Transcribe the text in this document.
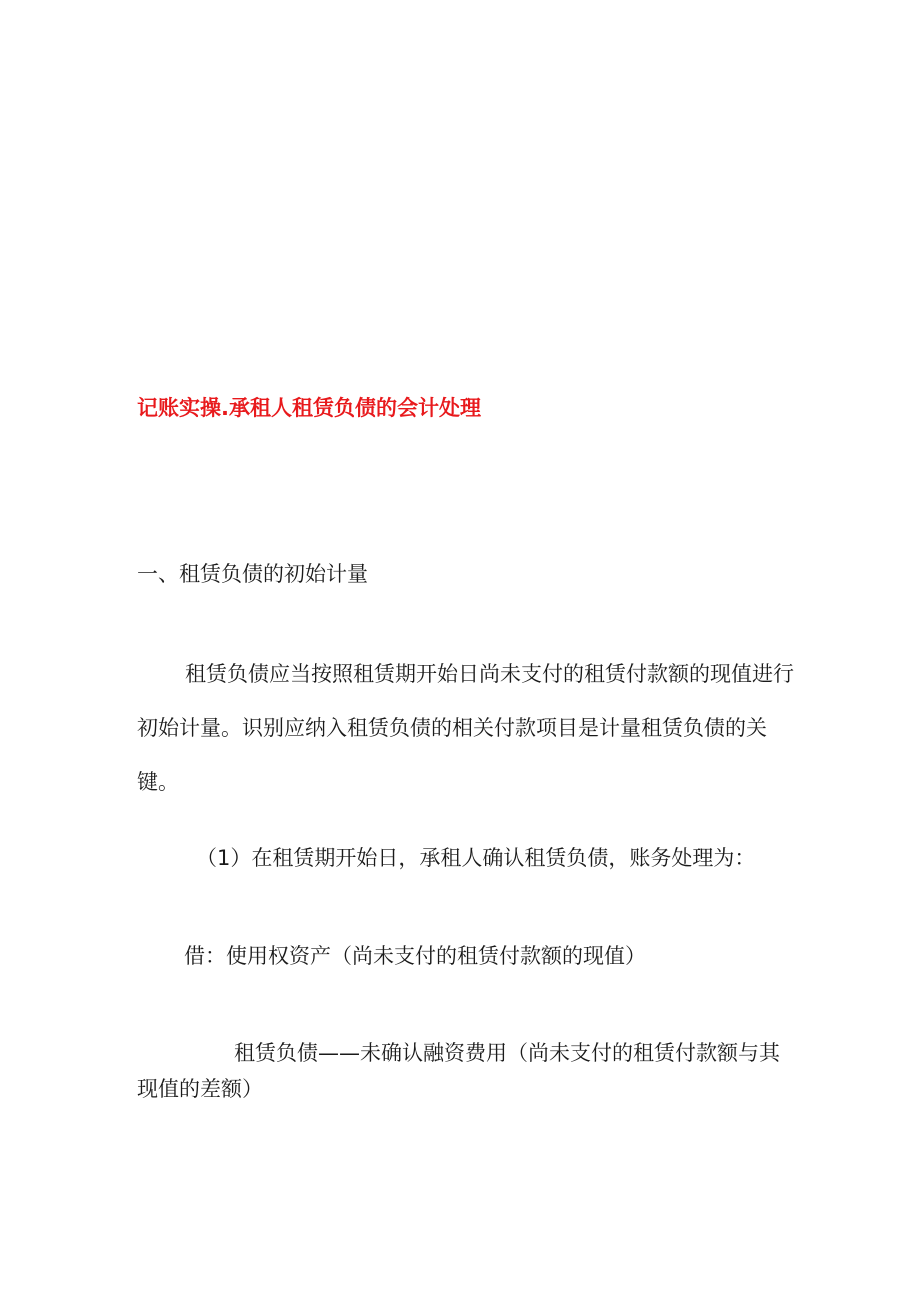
记账实操.承租人租赁负债的会计处理
一、租赁负债的初始计量
租赁负债应当按照租赁期开始日尚未支付的租赁付款额的现值进行初始计量。识别应纳入租赁负债的相关付款项目是计量租赁负债的关键。
（1）在租赁期开始日，承租人确认租赁负债，账务处理为：
借：使用权资产（尚未支付的租赁付款额的现值）
租赁负债——未确认融资费用（尚未支付的租赁付款额与其现值的差额）
